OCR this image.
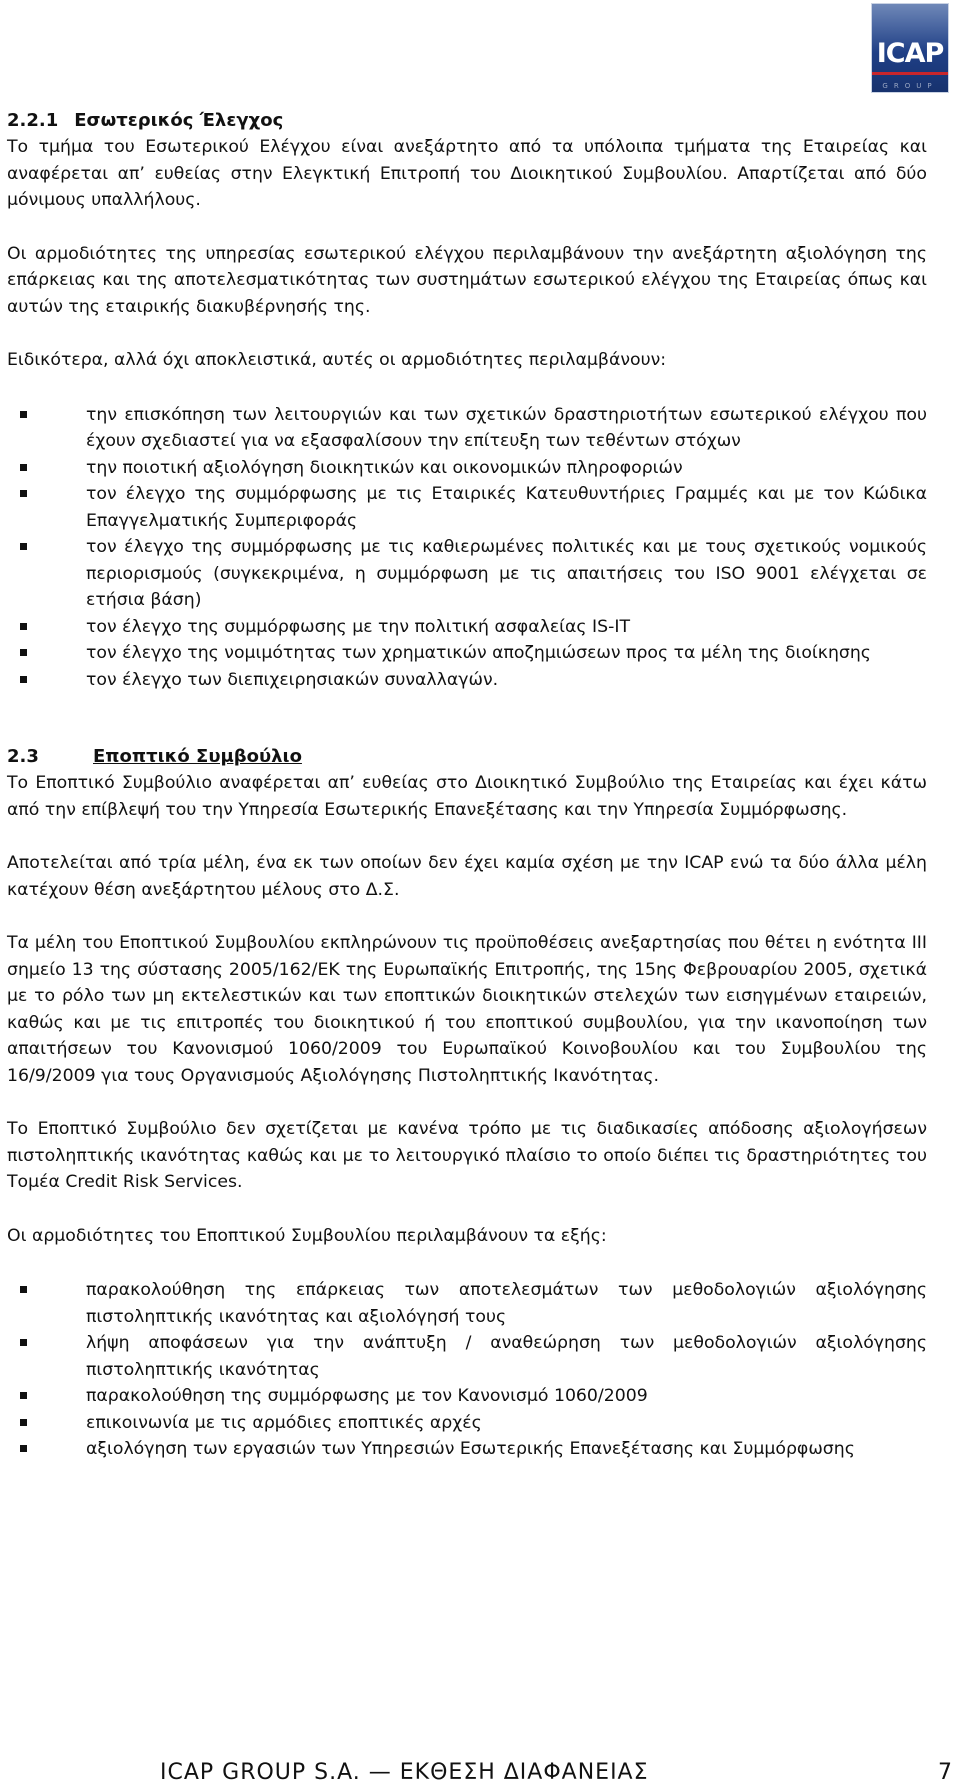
ICAP
GROUP
2.2.1 Εσωτερικός Έλεγχος

Το τμήμα του Εσωτερικού Ελέγχου είναι ανεξάρτητο από τα υπόλοιπα τμήματα της Εταιρείας και αναφέρεται απ’ ευθείας στην Ελεγκτική Επιτροπή του Διοικητικού Συμβουλίου. Απαρτίζεται από δύο μόνιμους υπαλλήλους.

Οι αρμοδιότητες της υπηρεσίας εσωτερικού ελέγχου περιλαμβάνουν την ανεξάρτητη αξιολόγηση της επάρκειας και της αποτελεσματικότητας των συστημάτων εσωτερικού ελέγχου της Εταιρείας όπως και αυτών της εταιρικής διακυβέρνησής της.

Ειδικότερα, αλλά όχι αποκλειστικά, αυτές οι αρμοδιότητες περιλαμβάνουν:

την επισκόπηση των λειτουργιών και των σχετικών δραστηριοτήτων εσωτερικού ελέγχου που έχουν σχεδιαστεί για να εξασφαλίσουν την επίτευξη των τεθέντων στόχων
την ποιοτική αξιολόγηση διοικητικών και οικονομικών πληροφοριών
τον έλεγχο της συμμόρφωσης με τις Εταιρικές Κατευθυντήριες Γραμμές και με τον Κώδικα Επαγγελματικής Συμπεριφοράς
τον έλεγχο της συμμόρφωσης με τις καθιερωμένες πολιτικές και με τους σχετικούς νομικούς περιορισμούς (συγκεκριμένα, η συμμόρφωση με τις απαιτήσεις του ISO 9001 ελέγχεται σε ετήσια βάση)
τον έλεγχο της συμμόρφωσης με την πολιτική ασφαλείας IS-IT
τον έλεγχο της νομιμότητας των χρηματικών αποζημιώσεων προς τα μέλη της διοίκησης
τον έλεγχο των διεπιχειρησιακών συναλλαγών.
2.3	Εποπτικό Συμβούλιο

Το Εποπτικό Συμβούλιο αναφέρεται απ’ ευθείας στο Διοικητικό Συμβούλιο της Εταιρείας και έχει κάτω από την επίβλεψή του την Υπηρεσία Εσωτερικής Επανεξέτασης και την Υπηρεσία Συμμόρφωσης.

Αποτελείται από τρία μέλη, ένα εκ των οποίων δεν έχει καμία σχέση με την ICAP ενώ τα δύο άλλα μέλη κατέχουν θέση ανεξάρτητου μέλους στο Δ.Σ.

Τα μέλη του Εποπτικού Συμβουλίου εκπληρώνουν τις προϋποθέσεις ανεξαρτησίας που θέτει η ενότητα III σημείο 13 της σύστασης 2005/162/ΕΚ της Ευρωπαϊκής Επιτροπής, της 15ης Φεβρουαρίου 2005, σχετικά με το ρόλο των μη εκτελεστικών και των εποπτικών διοικητικών στελεχών των εισηγμένων εταιρειών, καθώς και με τις επιτροπές του διοικητικού ή του εποπτικού συμβουλίου, για την ικανοποίηση των απαιτήσεων του Κανονισμού 1060/2009 του Ευρωπαϊκού Κοινοβουλίου και του Συμβουλίου της 16/9/2009 για τους Οργανισμούς Αξιολόγησης Πιστοληπτικής Ικανότητας.

Το Εποπτικό Συμβούλιο δεν σχετίζεται με κανένα τρόπο με τις διαδικασίες απόδοσης αξιολογήσεων πιστοληπτικής ικανότητας καθώς και με το λειτουργικό πλαίσιο το οποίο διέπει τις δραστηριότητες του Τομέα Credit Risk Services.

Οι αρμοδιότητες του Εποπτικού Συμβουλίου περιλαμβάνουν τα εξής:

παρακολούθηση της επάρκειας των αποτελεσμάτων των μεθοδολογιών αξιολόγησης πιστοληπτικής ικανότητας και αξιολόγησή τους
λήψη αποφάσεων για την ανάπτυξη / αναθεώρηση των μεθοδολογιών αξιολόγησης πιστοληπτικής ικανότητας
παρακολούθηση της συμμόρφωσης με τον Κανονισμό 1060/2009
επικοινωνία με τις αρμόδιες εποπτικές αρχές
αξιολόγηση των εργασιών των Υπηρεσιών Εσωτερικής Επανεξέτασης και Συμμόρφωσης
ICAP GROUP S.A. — ΕΚΘΕΣΗ ΔΙΑΦΑΝΕΙΑΣ	7
